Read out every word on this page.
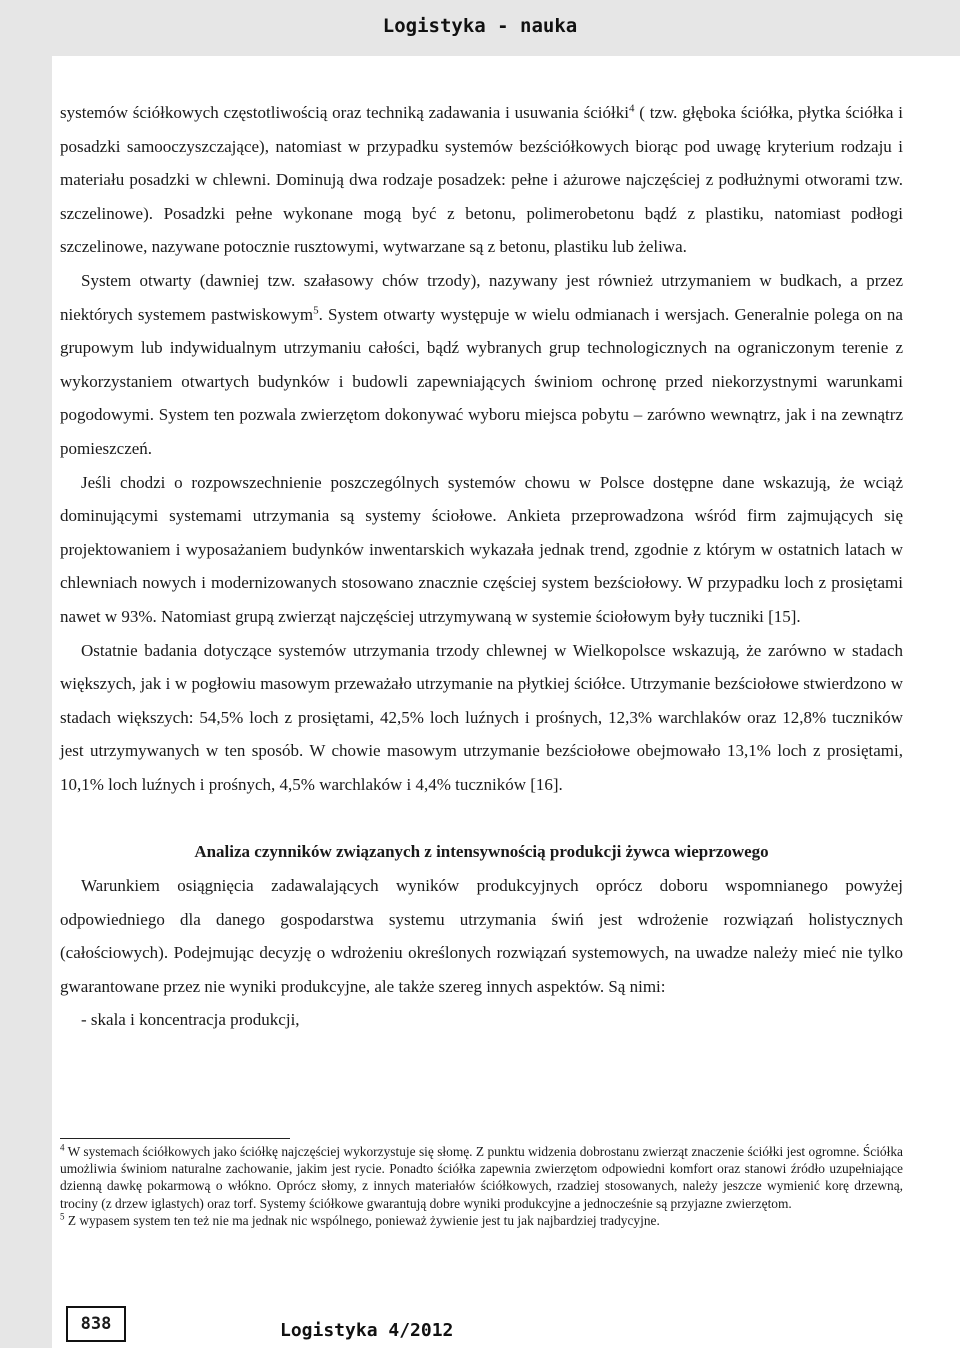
Logistyka - nauka

systemów ściółkowych częstotliwością oraz techniką zadawania i usuwania ściółki$^4$ ( tzw. głęboka ściółka, płytka ściółka i posadzki samooczyszczające), natomiast w przypadku systemów bezściółkowych biorąc pod uwagę kryterium rodzaju i materiału posadzki w chlewni. Dominują dwa rodzaje posadzek: pełne i ażurowe najczęściej z podłużnymi otworami tzw. szczelinowe). Posadzki pełne wykonane mogą być z betonu, polimerobetonu bądź z plastiku, natomiast podłogi szczelinowe, nazywane potocznie rusztowymi, wytwarzane są z betonu, plastiku lub żeliwa.

System otwarty (dawniej tzw. szałasowy chów trzody), nazywany jest również utrzymaniem w budkach, a przez niektórych systemem pastwiskowym$^5$. System otwarty występuje w wielu odmianach i wersjach. Generalnie polega on na grupowym lub indywidualnym utrzymaniu całości, bądź wybranych grup technologicznych na ograniczonym terenie z wykorzystaniem otwartych budynków i budowli zapewniających świniom ochronę przed niekorzystnymi warunkami pogodowymi. System ten pozwala zwierzętom dokonywać wyboru miejsca pobytu – zarówno wewnątrz, jak i na zewnątrz pomieszczeń.

Jeśli chodzi o rozpowszechnienie poszczególnych systemów chowu w Polsce dostępne dane wskazują, że wciąż dominującymi systemami utrzymania są systemy ściołowe. Ankieta przeprowadzona wśród firm zajmujących się projektowaniem i wyposażaniem budynków inwentarskich wykazała jednak trend, zgodnie z którym w ostatnich latach w chlewniach nowych i modernizowanych stosowano znacznie częściej system bezściołowy. W przypadku loch z prosiętami nawet w 93%. Natomiast grupą zwierząt najczęściej utrzymywaną w systemie ściołowym były tuczniki [15].

Ostatnie badania dotyczące systemów utrzymania trzody chlewnej w Wielkopolsce wskazują, że zarówno w stadach większych, jak i w pogłowiu masowym przeważało utrzymanie na płytkiej ściółce. Utrzymanie bezściołowe stwierdzono w stadach większych: 54,5% loch z prosiętami, 42,5% loch luźnych i prośnych, 12,3% warchlaków oraz 12,8% tuczników jest utrzymywanych w ten sposób. W chowie masowym utrzymanie bezściołowe obejmowało 13,1% loch z prosiętami, 10,1% loch luźnych i prośnych, 4,5% warchlaków i 4,4% tuczników [16].

Analiza czynników związanych z intensywnością produkcji żywca wieprzowego

Warunkiem osiągnięcia zadawalających wyników produkcyjnych oprócz doboru wspomnianego powyżej odpowiedniego dla danego gospodarstwa systemu utrzymania świń jest wdrożenie rozwiązań holistycznych (całościowych). Podejmując decyzję o wdrożeniu określonych rozwiązań systemowych, na uwadze należy mieć nie tylko gwarantowane przez nie wyniki produkcyjne, ale także szereg innych aspektów. Są nimi:

- skala i koncentracja produkcji,

$^4$ W systemach ściółkowych jako ściółkę najczęściej wykorzystuje się słomę. Z punktu widzenia dobrostanu zwierząt znaczenie ściółki jest ogromne. Ściółka umożliwia świniom naturalne zachowanie, jakim jest rycie. Ponadto ściółka zapewnia zwierzętom odpowiedni komfort oraz stanowi źródło uzupełniające dzienną dawkę pokarmową o włókno. Oprócz słomy, z innych materiałów ściółkowych, rzadziej stosowanych, należy jeszcze wymienić korę drzewną, trociny (z drzew iglastych) oraz torf. Systemy ściółkowe gwarantują dobre wyniki produkcyjne a jednocześnie są przyjazne zwierzętom.

$^5$ Z wypasem system ten też nie ma jednak nic wspólnego, ponieważ żywienie jest tu jak najbardziej tradycyjne.

838	Logistyka 4/2012
